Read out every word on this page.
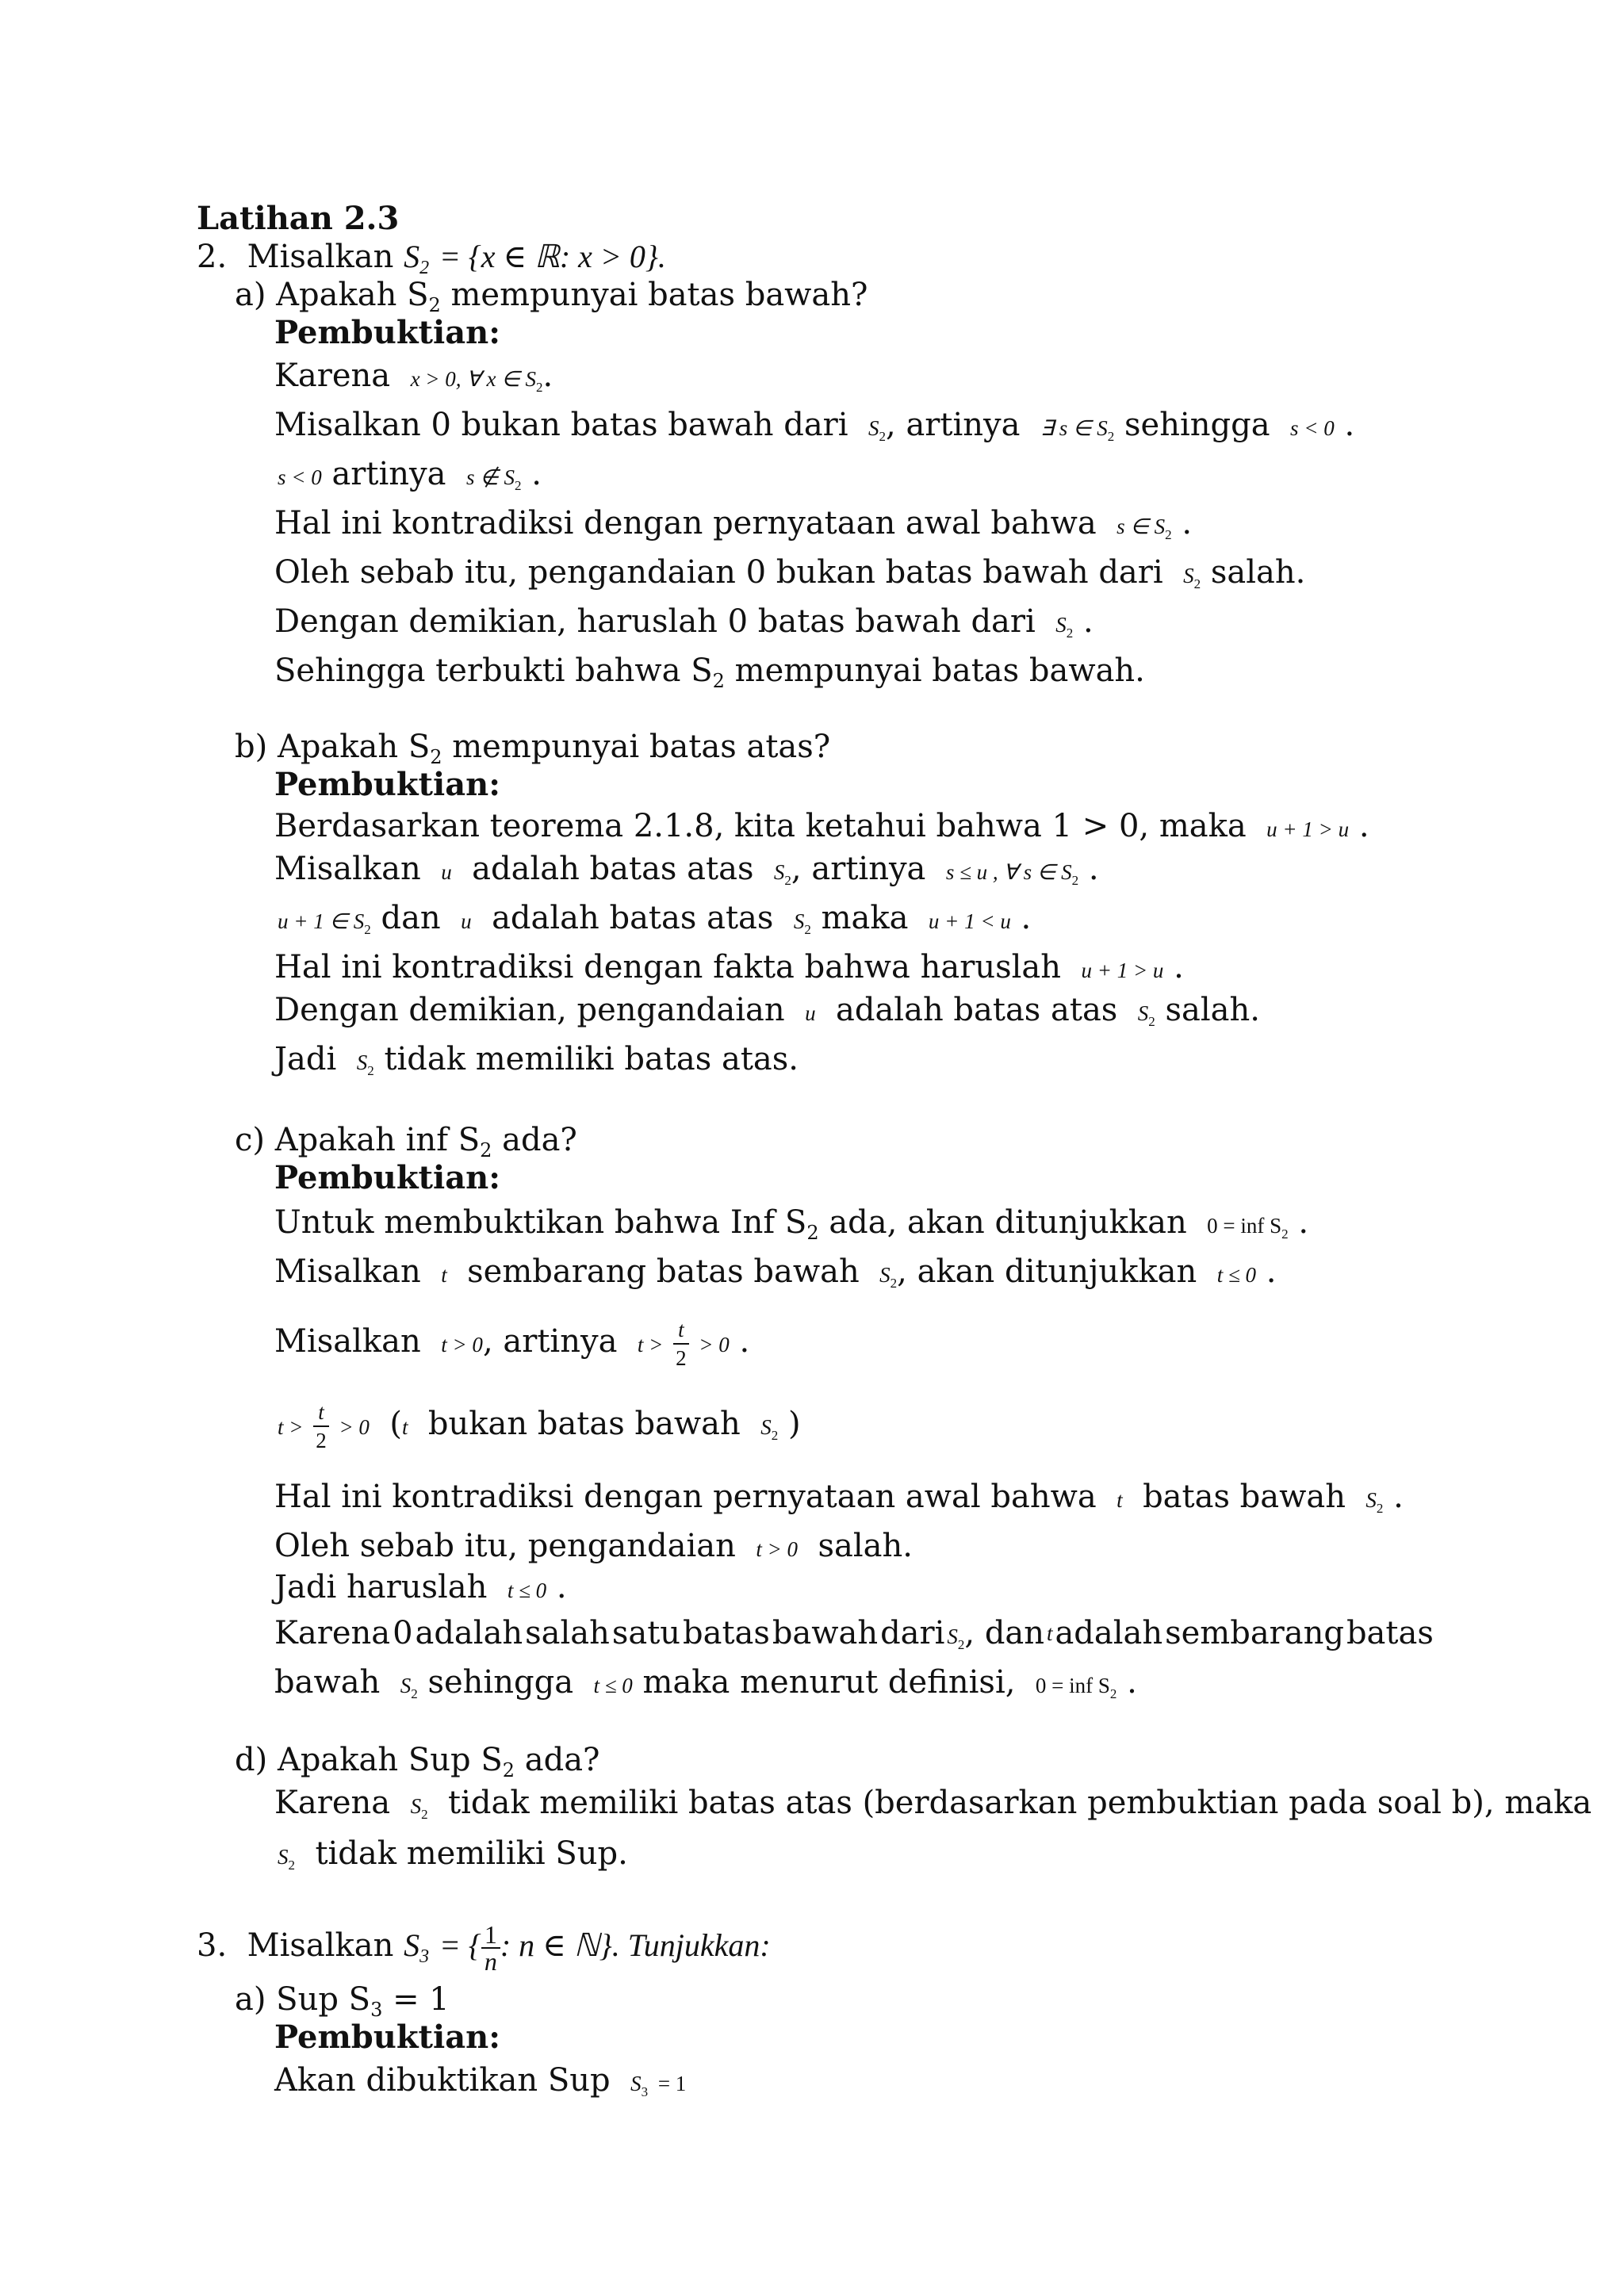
Latihan 2.3
2. Misalkan $S_2 = \{x$ ∈ ℝ: x > 0}.
a) Apakah $S_2$ mempunyai batas bawah?
Pembuktian:
Karena x > 0, ∀ x ∈ S2.
Misalkan 0 bukan batas bawah dari S2, artinya ∃ s ∈ S2 sehingga s < 0 .
s < 0 artinya s ∉ S2 .
Hal ini kontradiksi dengan pernyataan awal bahwa s ∈ S2 .
Oleh sebab itu, pengandaian 0 bukan batas bawah dari S2 salah.
Dengan demikian, haruslah 0 batas bawah dari S2 .
Sehingga terbukti bahwa $S_2$ mempunyai batas bawah.
b) Apakah $S_2$ mempunyai batas atas?
Pembuktian:
Berdasarkan teorema 2.1.8, kita ketahui bahwa 1 > 0, maka u + 1 > u .
Misalkan u adalah batas atas S2, artinya s ≤ u , ∀ s ∈ S2 .
u + 1 ∈ S2 dan u adalah batas atas S2 maka u + 1 < u .
Hal ini kontradiksi dengan fakta bahwa haruslah u + 1 > u .
Dengan demikian, pengandaian u adalah batas atas S2 salah.
Jadi S2 tidak memiliki batas atas.
c) Apakah inf $S_2$ ada?
Pembuktian:
Untuk membuktikan bahwa Inf $S_2$ ada, akan ditunjukkan 0 = inf S2 .
Misalkan t sembarang batas bawah S2, akan ditunjukkan t ≤ 0 .
Misalkan t > 0, artinya $t > \frac{t}{2} > 0$ .
$t > \frac{t}{2} > 0$ (t bukan batas bawah S2 )
Hal ini kontradiksi dengan pernyataan awal bahwa t batas bawah S2 .
Oleh sebab itu, pengandaian t > 0 salah.
Jadi haruslah t ≤ 0 .
Karena 0 adalah salah satu batas bawah dari S2, dan t adalah sembarang batas
bawah S2 sehingga t ≤ 0 maka menurut definisi, 0 = inf S2 .
d) Apakah Sup $S_2$ ada?
Karena S2 tidak memiliki batas atas (berdasarkan pembuktian pada soal b), maka
S2 tidak memiliki Sup.
3. Misalkan $S_3$ = { $\frac{1}{n}$ : n ∈ ℕ}. Tunjukkan:
a) Sup $S_3 = 1$
Pembuktian:
Akan dibuktikan Sup S3 = 1
